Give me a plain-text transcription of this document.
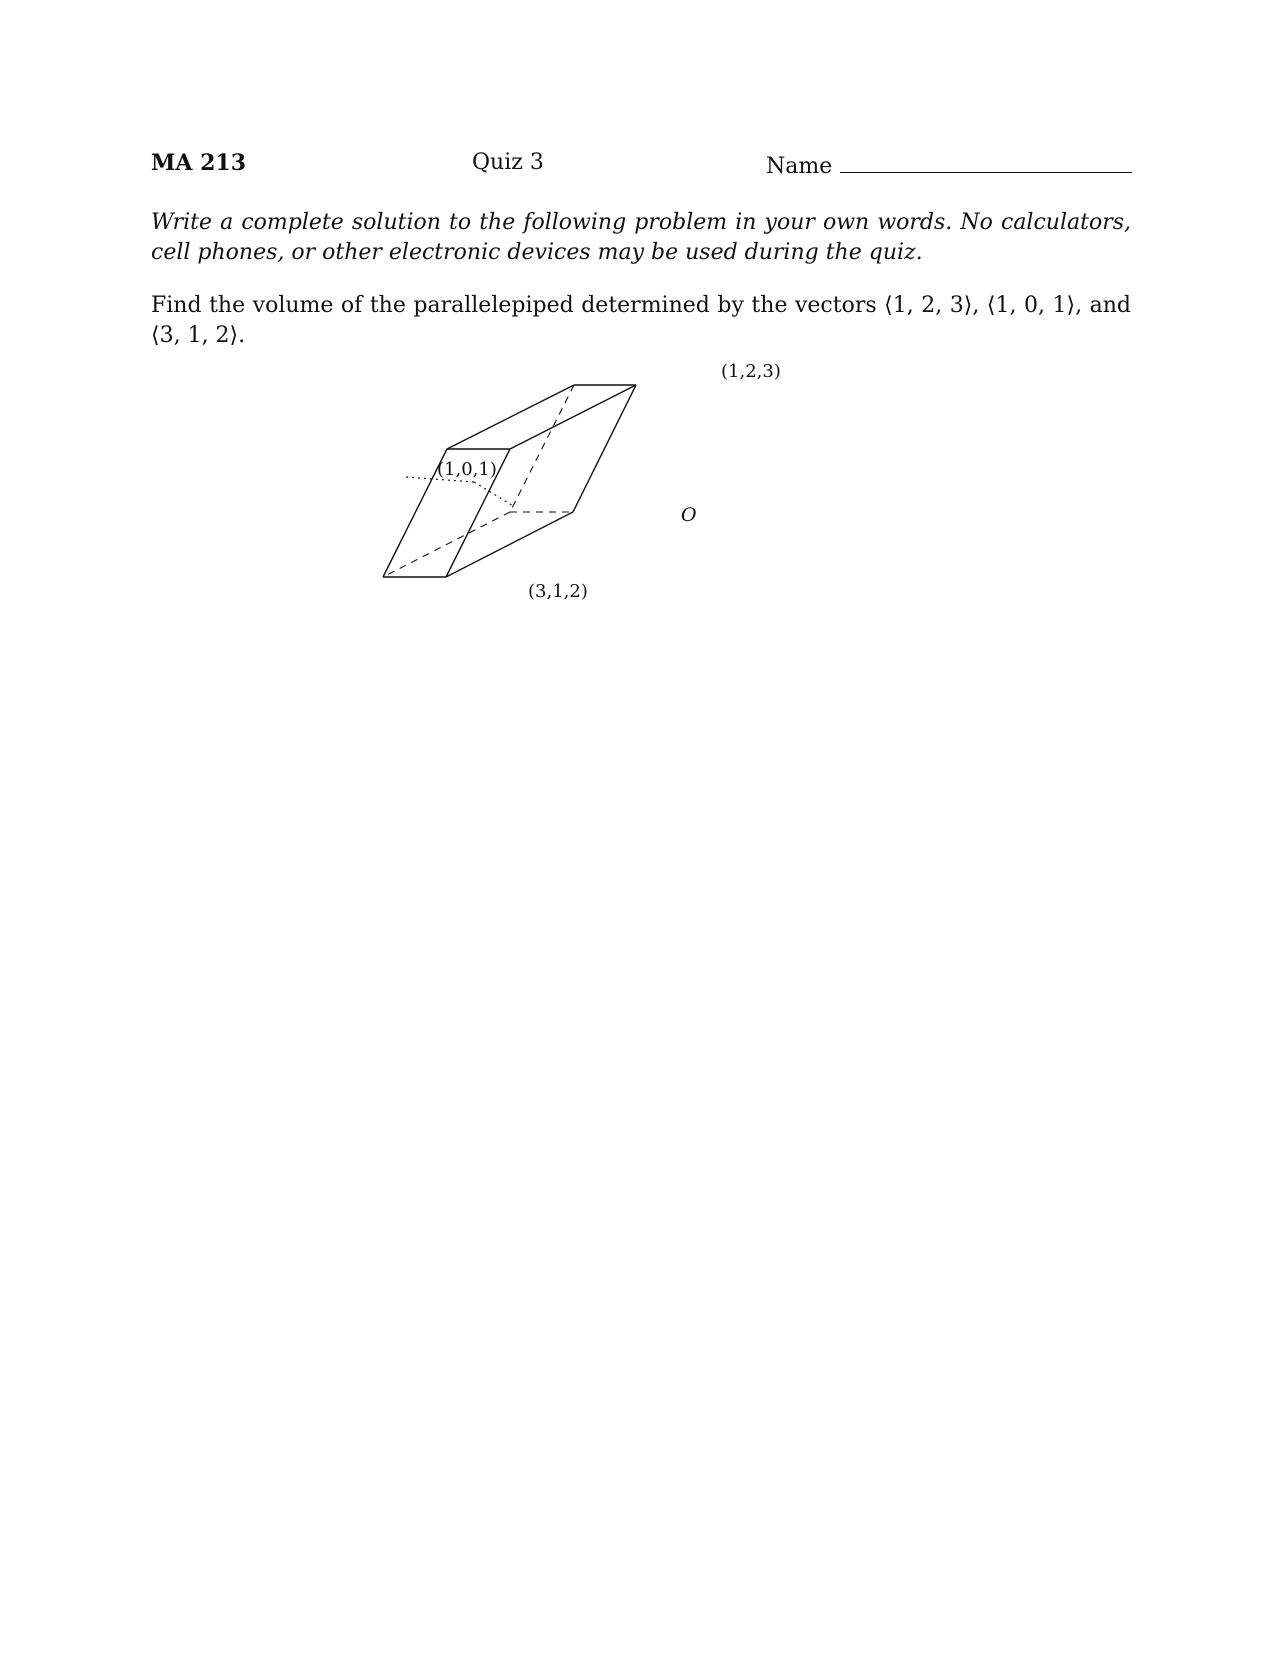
MA 213	Quiz 3	Name
Write a complete solution to the following problem in your own words. No calculators, cell phones, or other electronic devices may be used during the quiz.
Find the volume of the parallelepiped determined by the vectors ⟨1, 2, 3⟩, ⟨1, 0, 1⟩, and ⟨3, 1, 2⟩.
(1,2,3)
(1,0,1)
(3,1,2)
O
